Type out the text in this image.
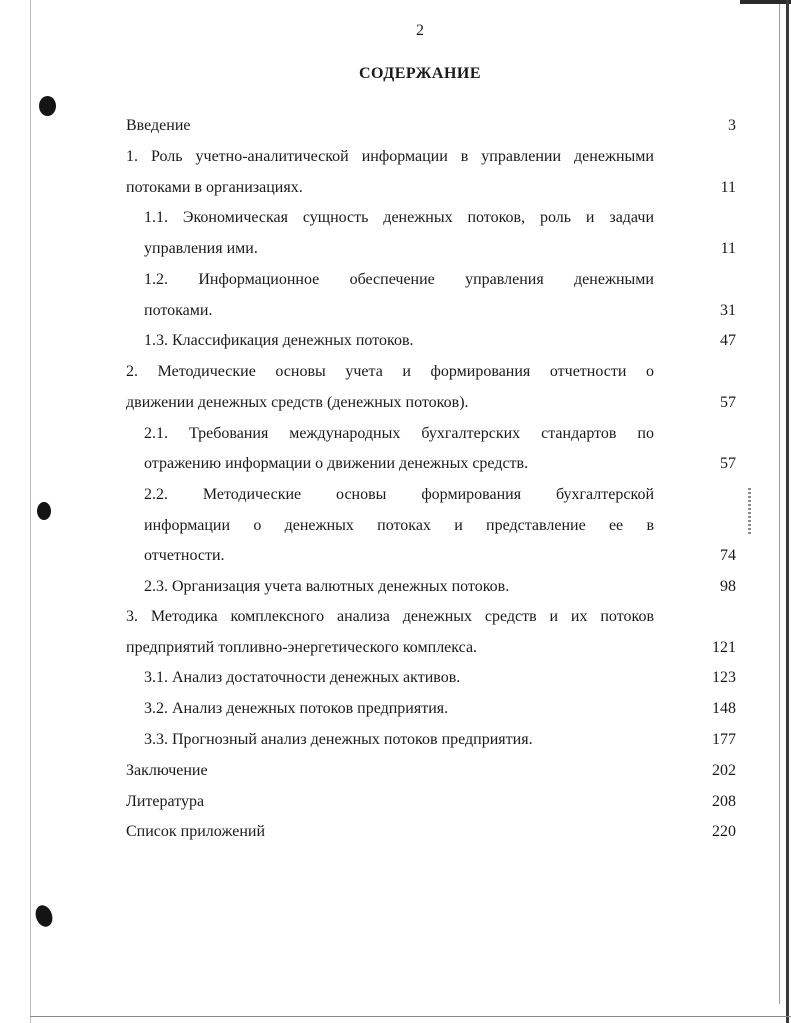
2
СОДЕРЖАНИЕ
Введение	3
1. Роль учетно-аналитической информации в управлении денежными
потоками в организациях.	11
1.1. Экономическая сущность денежных потоков, роль и задачи
управления ими.	11
1.2. Информационное обеспечение управления денежными
потоками.	31
1.3. Классификация денежных потоков.	47
2. Методические основы учета и формирования отчетности о
движении денежных средств (денежных потоков).	57
2.1. Требования международных бухгалтерских стандартов по
отражению информации о движении денежных средств.	57
2.2. Методические основы формирования бухгалтерской
информации о денежных потоках и представление ее в
отчетности.	74
2.3. Организация учета валютных денежных потоков.	98
3. Методика комплексного анализа денежных средств и их потоков
предприятий топливно-энергетического комплекса.	121
3.1. Анализ достаточности денежных активов.	123
3.2. Анализ денежных потоков предприятия.	148
3.3. Прогнозный анализ денежных потоков предприятия.	177
Заключение	202
Литература	208
Список приложений	220
